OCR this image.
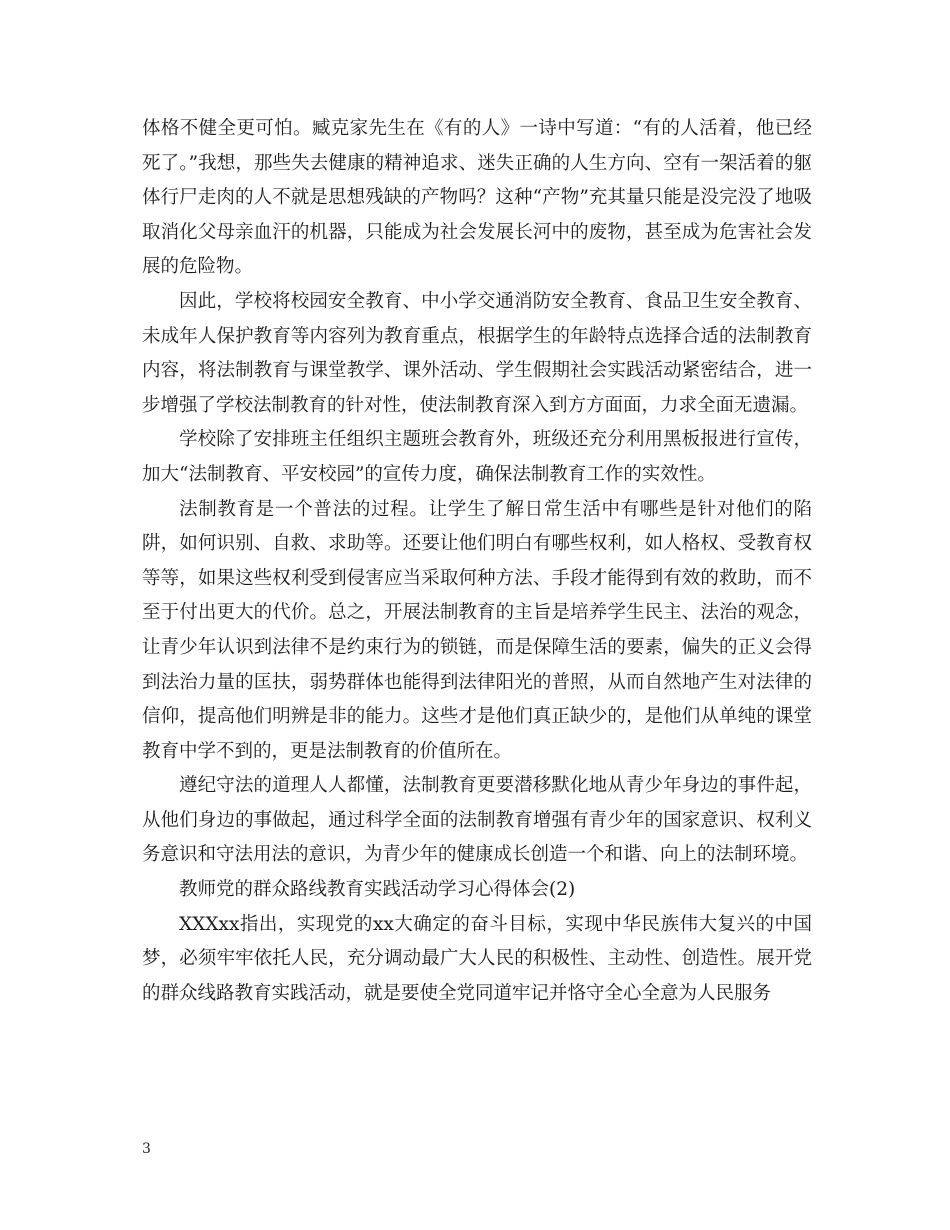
体格不健全更可怕。臧克家先生在《有的人》一诗中写道：“有的人活着，他已经死了。”我想，那些失去健康的精神追求、迷失正确的人生方向、空有一架活着的躯体行尸走肉的人不就是思想残缺的产物吗？这种“产物”充其量只能是没完没了地吸取消化父母亲血汗的机器，只能成为社会发展长河中的废物，甚至成为危害社会发展的危险物。

因此，学校将校园安全教育、中小学交通消防安全教育、食品卫生安全教育、未成年人保护教育等内容列为教育重点，根据学生的年龄特点选择合适的法制教育内容，将法制教育与课堂教学、课外活动、学生假期社会实践活动紧密结合，进一步增强了学校法制教育的针对性，使法制教育深入到方方面面，力求全面无遗漏。

学校除了安排班主任组织主题班会教育外，班级还充分利用黑板报进行宣传，加大“法制教育、平安校园”的宣传力度，确保法制教育工作的实效性。

法制教育是一个普法的过程。让学生了解日常生活中有哪些是针对他们的陷阱，如何识别、自救、求助等。还要让他们明白有哪些权利，如人格权、受教育权等等，如果这些权利受到侵害应当采取何种方法、手段才能得到有效的救助，而不至于付出更大的代价。总之，开展法制教育的主旨是培养学生民主、法治的观念，让青少年认识到法律不是约束行为的锁链，而是保障生活的要素，偏失的正义会得到法治力量的匡扶，弱势群体也能得到法律阳光的普照，从而自然地产生对法律的信仰，提高他们明辨是非的能力。这些才是他们真正缺少的，是他们从单纯的课堂教育中学不到的，更是法制教育的价值所在。

遵纪守法的道理人人都懂，法制教育更要潜移默化地从青少年身边的事件起，从他们身边的事做起，通过科学全面的法制教育增强有青少年的国家意识、权利义务意识和守法用法的意识，为青少年的健康成长创造一个和谐、向上的法制环境。

教师党的群众路线教育实践活动学习心得体会(2)

XXXxx指出，实现党的xx大确定的奋斗目标，实现中华民族伟大复兴的中国梦，必须牢牢依托人民，充分调动最广大人民的积极性、主动性、创造性。展开党的群众线路教育实践活动，就是要使全党同道牢记并恪守全心全意为人民服务

3
